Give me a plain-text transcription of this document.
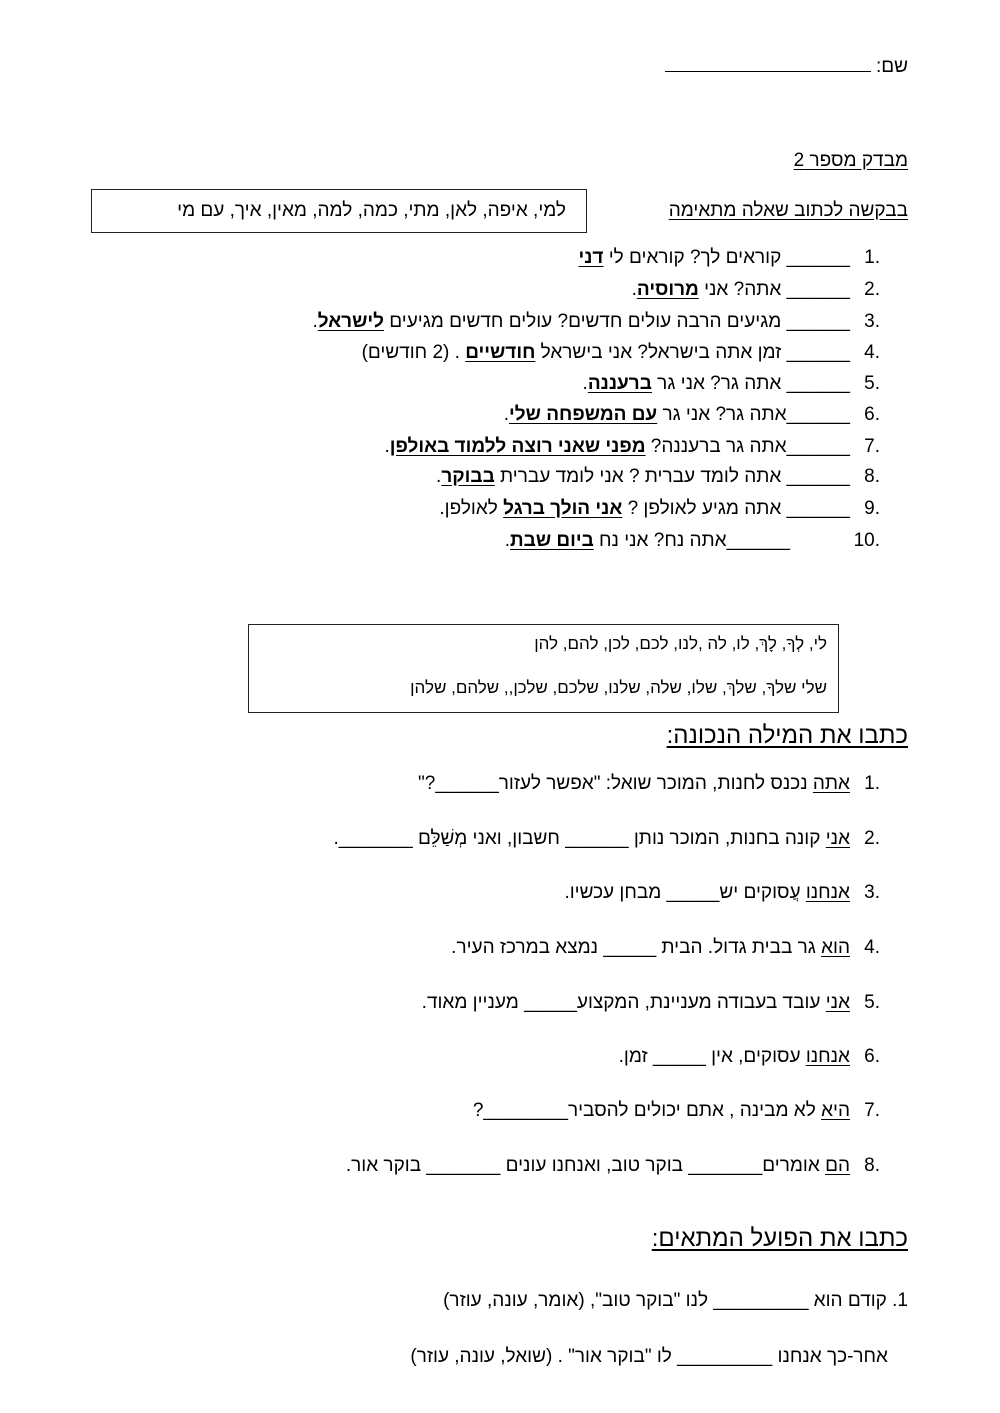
שם:
מבדק מספר 2
בבקשה לכתוב שאלה מתאימה
למי, איפה, לאן, מתי, כמה, למה, מאין, איך, עם מי
1.
______ קוראים לך? קוראים לי דני
2.
______ אתה? אני מרוסיה.
3.
______ מגיעים הרבה עולים חדשים? עולים חדשים מגיעים לישראל.
4.
______ זמן אתה בישראל? אני בישראל חודשיים . (2 חודשים)
5.
______ אתה גר? אני גר ברעננה.
6.
______אתה גר? אני גר עם המשפחה שלי.
7.
______אתה גר ברעננה? מפני שאני רוצה ללמוד באולפן.
8.
______ אתה לומד עברית ? אני לומד עברית בבוקר.
9.
______ אתה מגיע לאולפן ? אני הולך ברגל לאולפן.
10.
______אתה נח? אני נח ביום שבת.
לי, לְךָ, לָךְ, לו, לה ,לנו, לכם, לכן, להם, להן
שלי שלךָ, שלךְ, שלו, שלה, שלנו, שלכם, שלכן,, שלהם, שלהן
כתבו את המילה הנכונה:
1.
אתה נכנס לחנות, המוכר שואל: "אפשר לעזור______?"
2.
אני קונה בחנות, המוכר נותן ______ חשבון, ואני מְשַׁלֵּם _______.
3.
אנחנו עֲסוקים יש_____ מבחן עכשיו.
4.
הוא גר בבית גדול. הבית _____ נמצא במרכז העיר.
5.
אני עובד בעבודה מעניינת, המקצוע_____ מעניין מאוד.
6.
אנחנו עסוקים, אין _____ זמן.
7.
היא לא מבינה , אתם יכולים להסביר________?
8.
הם אומרים_______ בוקר טוב, ואנחנו עונים _______ בוקר אור.
כתבו את הפועל המתאים:
1. קודם הוא _________ לנו "בוקר טוב", (אומר, עונה, עוזר)
אחר-כך אנחנו _________ לו "בוקר אור" . (שואל, עונה, עוזר)
